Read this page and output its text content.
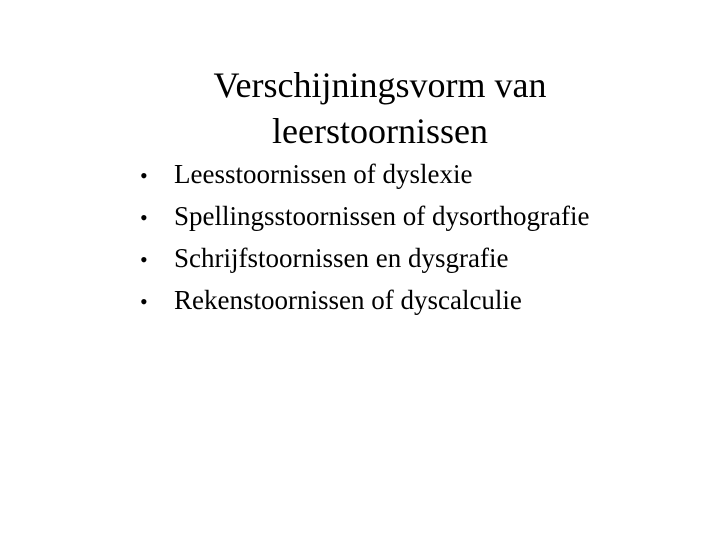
Verschijningsvorm van
leerstoornissen
• Leesstoornissen of dyslexie
• Spellingsstoornissen of dysorthografie
• Schrijfstoornissen en dysgrafie
• Rekenstoornissen of dyscalculie
